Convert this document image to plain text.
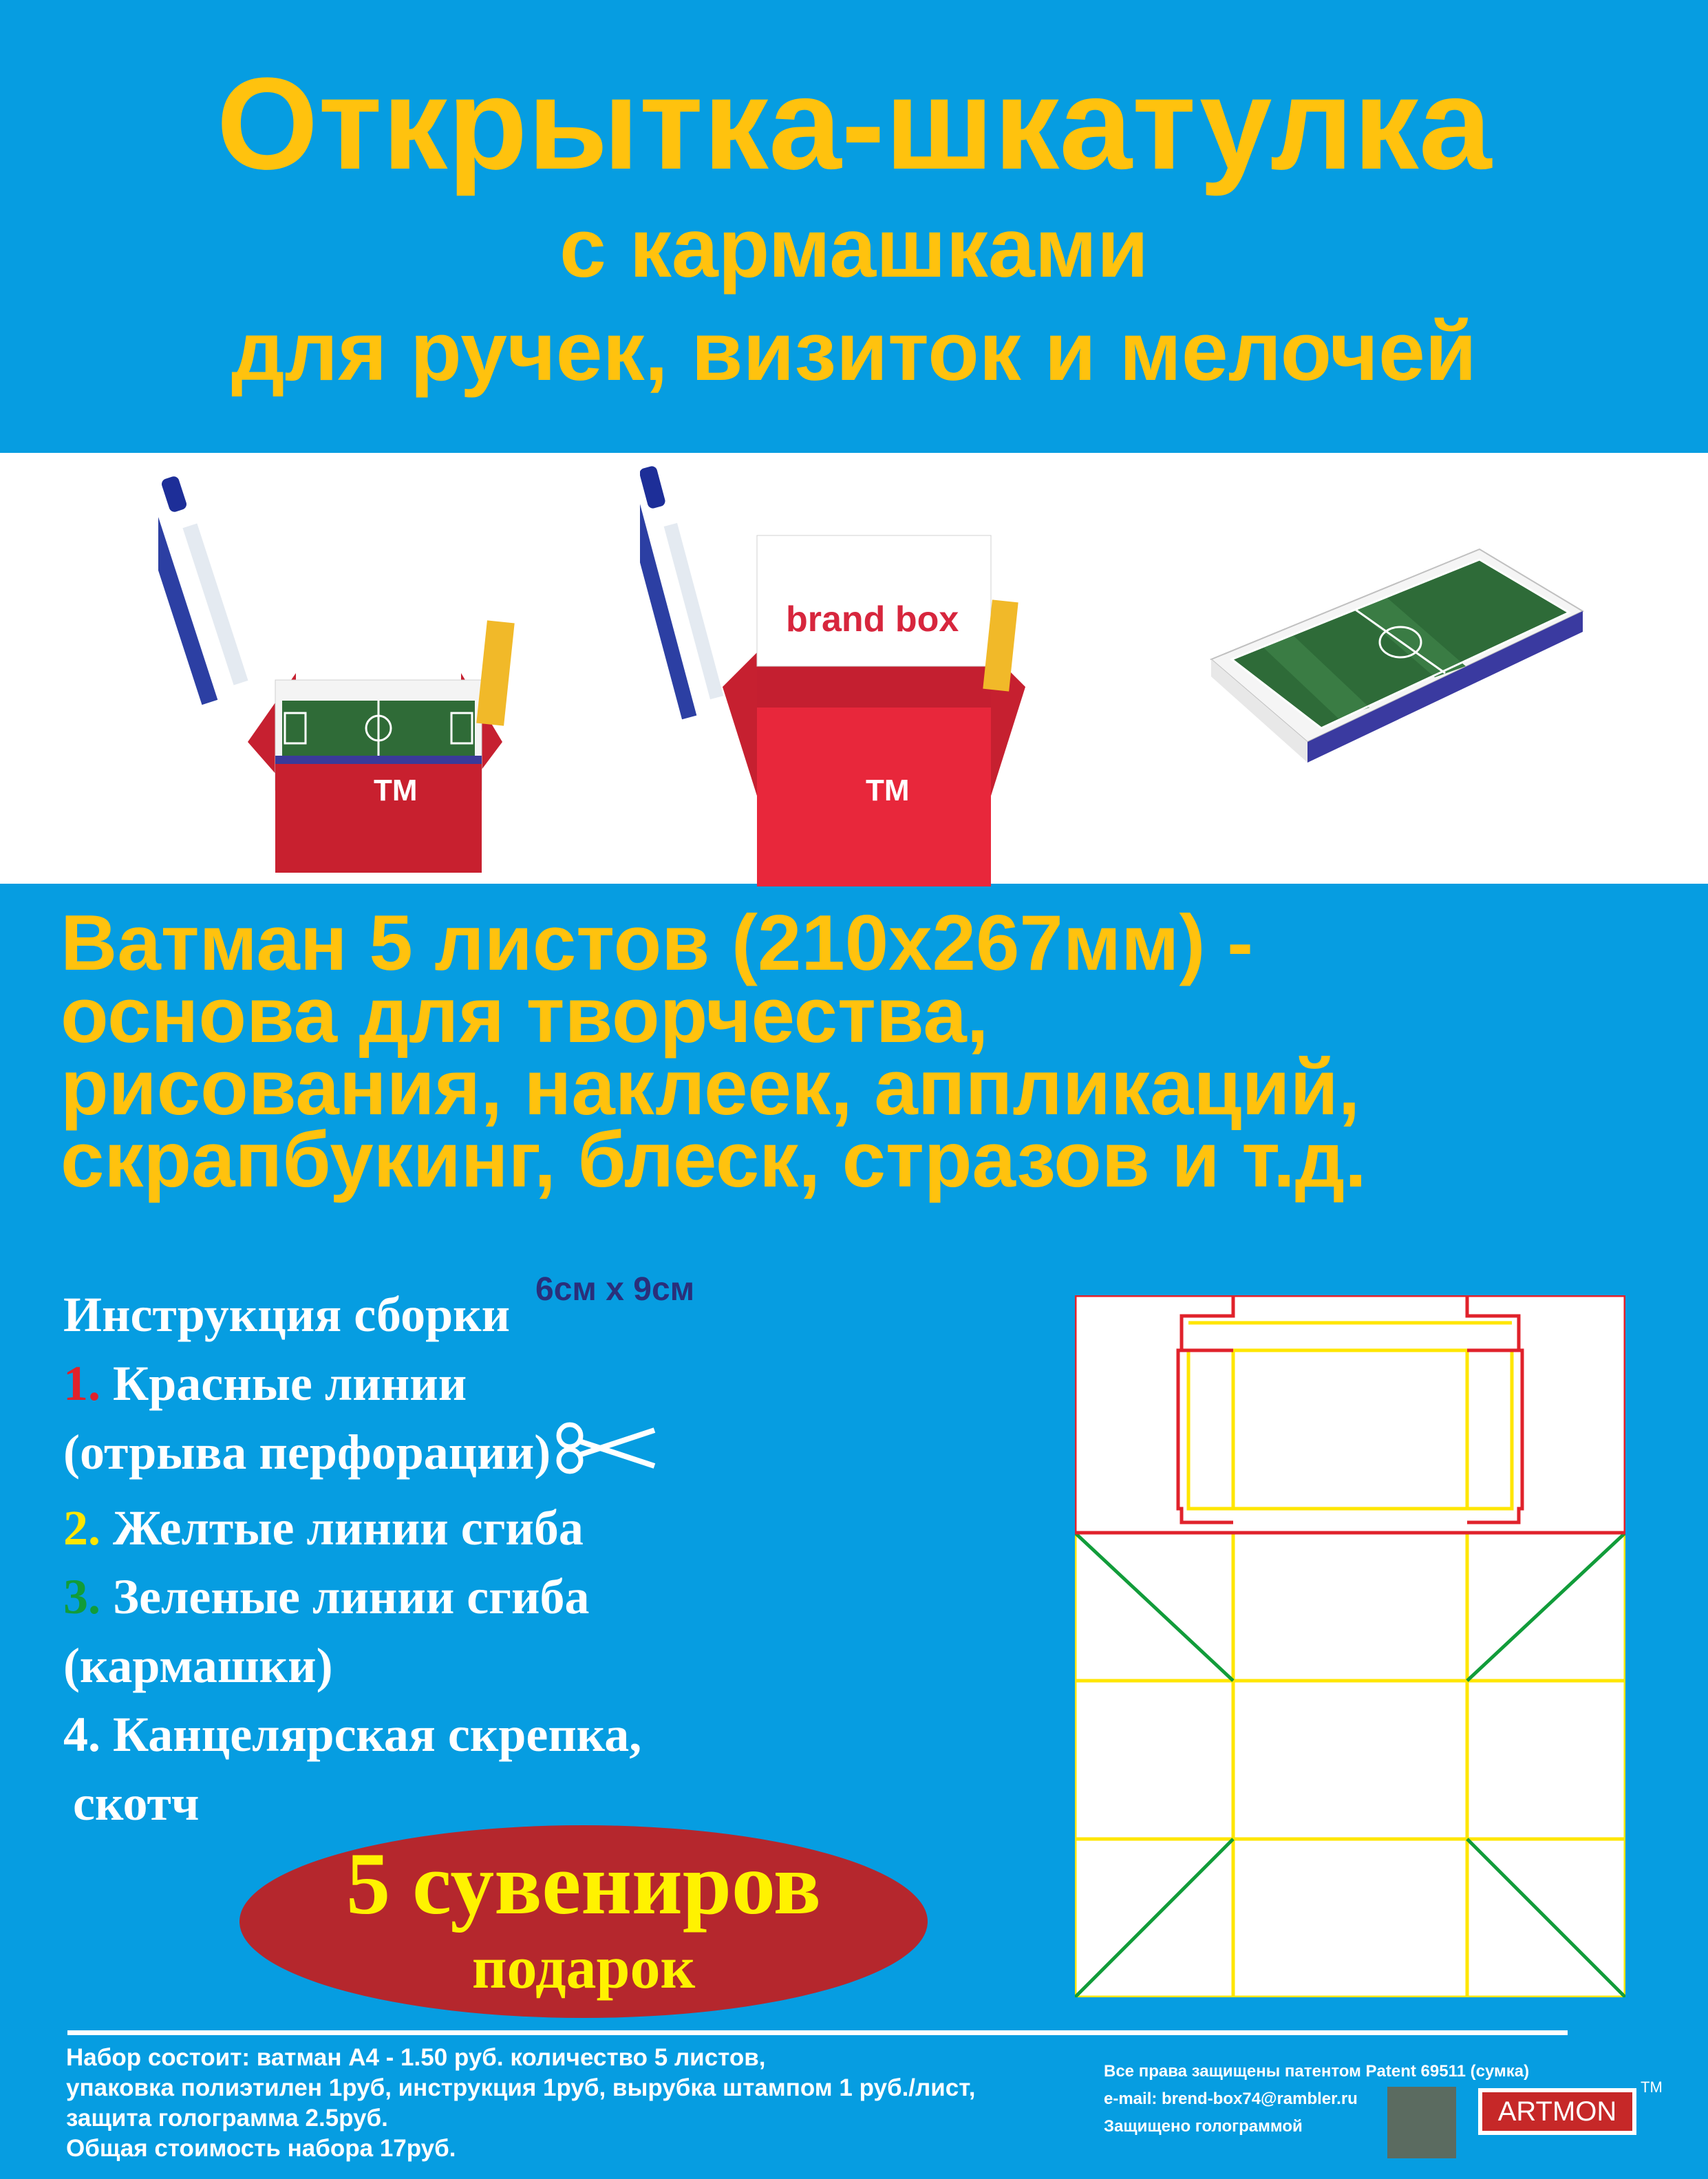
Открытка-шкатулка
с кармашками
для ручек, визиток и мелочей
TM
brand box
TM
6см х 9см
Ватман 5 листов (210х267мм) -
основа для творчества,
рисования, наклеек, аппликаций,
скрапбукинг, блеск, стразов и т.д.
Инструкция сборки
1. Красные линии
(отрыва перфорации)
2. Желтые линии сгиба
3. Зеленые линии сгиба
(кармашки)
4. Канцелярская скрепка,
скотч
5 сувениров
подарок
Набор состоит: ватман А4 - 1.50 руб. количество 5 листов,
упаковка полиэтилен 1руб, инструкция 1руб, вырубка штампом 1 руб./лист,
защита голограмма 2.5руб.
Общая стоимость набора 17руб.
Все права защищены патентом Patent 69511 (сумка)
e-mail: brend-box74@rambler.ru
Защищено голограммой	ARTMON
TM
